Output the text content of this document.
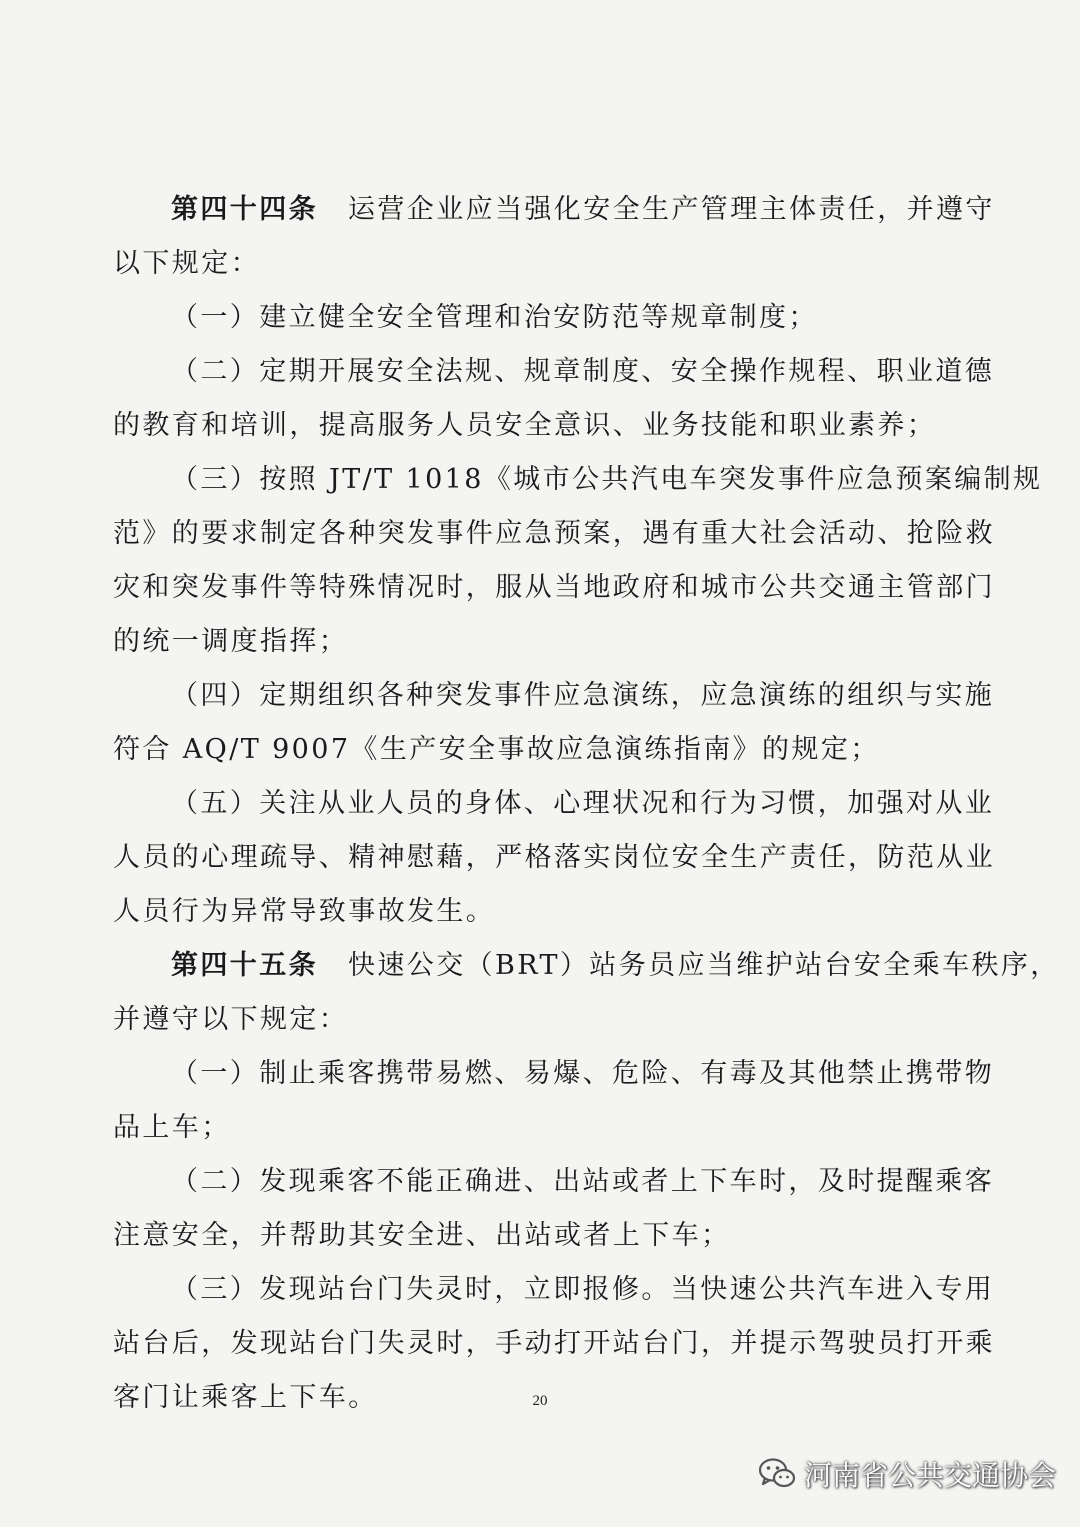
第四十四条 运营企业应当强化安全生产管理主体责任，并遵守
以下规定：
（一）建立健全安全管理和治安防范等规章制度；
（二）定期开展安全法规、规章制度、安全操作规程、职业道德
的教育和培训，提高服务人员安全意识、业务技能和职业素养；
（三）按照 JT/T 1018《城市公共汽电车突发事件应急预案编制规
范》的要求制定各种突发事件应急预案，遇有重大社会活动、抢险救
灾和突发事件等特殊情况时，服从当地政府和城市公共交通主管部门
的统一调度指挥；
（四）定期组织各种突发事件应急演练，应急演练的组织与实施
符合 AQ/T 9007《生产安全事故应急演练指南》的规定；
（五）关注从业人员的身体、心理状况和行为习惯，加强对从业
人员的心理疏导、精神慰藉，严格落实岗位安全生产责任，防范从业
人员行为异常导致事故发生。
第四十五条 快速公交（BRT）站务员应当维护站台安全乘车秩序，
并遵守以下规定：
（一）制止乘客携带易燃、易爆、危险、有毒及其他禁止携带物
品上车；
（二）发现乘客不能正确进、出站或者上下车时，及时提醒乘客
注意安全，并帮助其安全进、出站或者上下车；
（三）发现站台门失灵时，立即报修。当快速公共汽车进入专用
站台后，发现站台门失灵时，手动打开站台门，并提示驾驶员打开乘
客门让乘客上下车。	20
河南省公共交通协会
